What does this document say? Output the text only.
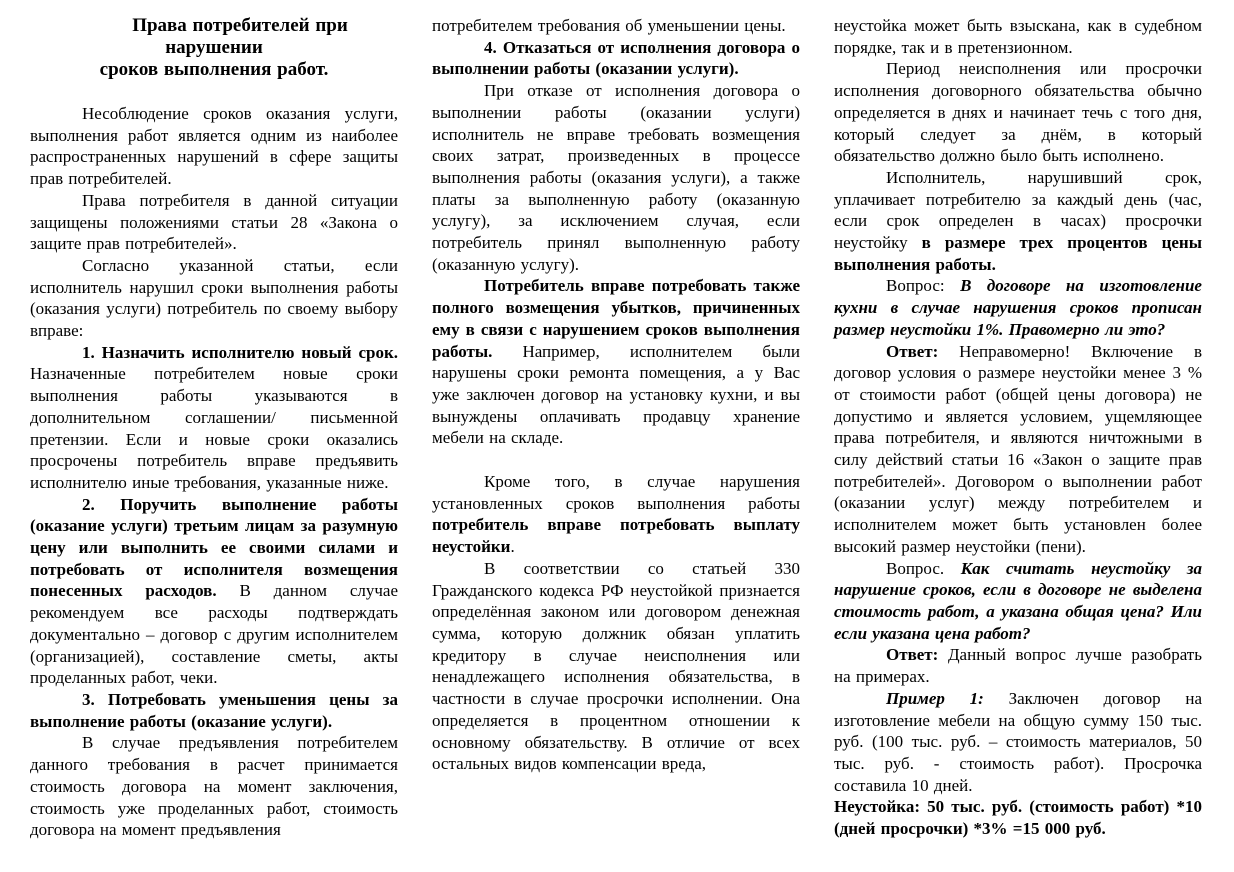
Права потребителей при нарушении
сроков выполнения работ.

Несоблюдение сроков оказания услуги, выполнения работ является одним из наиболее распространенных нарушений в сфере защиты прав потребителей.

Права потребителя в данной ситуации защищены положениями статьи 28 «Закона о защите прав потребителей».

Согласно указанной статьи, если исполнитель нарушил сроки выполнения работы (оказания услуги) потребитель по своему выбору вправе:

1. Назначить исполнителю новый срок. Назначенные потребителем новые сроки выполнения работы указываются в дополнительном соглашении/ письменной претензии. Если и новые сроки оказались просрочены потребитель вправе предъявить исполнителю иные требования, указанные ниже.

2. Поручить выполнение работы (оказание услуги) третьим лицам за разумную цену или выполнить ее своими силами и потребовать от исполнителя возмещения понесенных расходов. В данном случае рекомендуем все расходы подтверждать документально – договор с другим исполнителем (организацией), составление сметы, акты проделанных работ, чеки.

3. Потребовать уменьшения цены за выполнение работы (оказание услуги).

В случае предъявления потребителем данного требования в расчет принимается стоимость договора на момент заключения, стоимость уже проделанных работ, стоимость договора на момент предъявления

потребителем требования об уменьшении цены.

4. Отказаться от исполнения договора о выполнении работы (оказании услуги).

При отказе от исполнения договора о выполнении работы (оказании услуги) исполнитель не вправе требовать возмещения своих затрат, произведенных в процессе выполнения работы (оказания услуги), а также платы за выполненную работу (оказанную услугу), за исключением случая, если потребитель принял выполненную работу (оказанную услугу).

Потребитель вправе потребовать также полного возмещения убытков, причиненных ему в связи с нарушением сроков выполнения работы. Например, исполнителем были нарушены сроки ремонта помещения, а у Вас уже заключен договор на установку кухни, и вы вынуждены оплачивать продавцу хранение мебели на складе.

Кроме того, в случае нарушения установленных сроков выполнения работы потребитель вправе потребовать выплату неустойки.

В соответствии со статьей 330 Гражданского кодекса РФ неустойкой признается определённая законом или договором денежная сумма, которую должник обязан уплатить кредитору в случае неисполнения или ненадлежащего исполнения обязательства, в частности в случае просрочки исполнении. Она определяется в процентном отношении к основному обязательству. В отличие от всех остальных видов компенсации вреда,

неустойка может быть взыскана, как в судебном порядке, так и в претензионном.

Период неисполнения или просрочки исполнения договорного обязательства обычно определяется в днях и начинает течь с того дня, который следует за днём, в который обязательство должно было быть исполнено.

Исполнитель, нарушивший срок, уплачивает потребителю за каждый день (час, если срок определен в часах) просрочки неустойку в размере трех процентов цены выполнения работы.

Вопрос: В договоре на изготовление кухни в случае нарушения сроков прописан размер неустойки 1%. Правомерно ли это?

Ответ: Неправомерно! Включение в договор условия о размере неустойки менее 3 % от стоимости работ (общей цены договора) не допустимо и является условием, ущемляющее права потребителя, и являются ничтожными в силу действий статьи 16 «Закон о защите прав потребителей». Договором о выполнении работ (оказании услуг) между потребителем и исполнителем может быть установлен более высокий размер неустойки (пени).

Вопрос. Как считать неустойку за нарушение сроков, если в договоре не выделена стоимость работ, а указана общая цена? Или если указана цена работ?

Ответ: Данный вопрос лучше разобрать на примерах.

Пример 1: Заключен договор на изготовление мебели на общую сумму 150 тыс. руб. (100 тыс. руб. – стоимость материалов, 50 тыс. руб. - стоимость работ). Просрочка составила 10 дней.

Неустойка: 50 тыс. руб. (стоимость работ) *10 (дней просрочки) *3% =15 000 руб.
